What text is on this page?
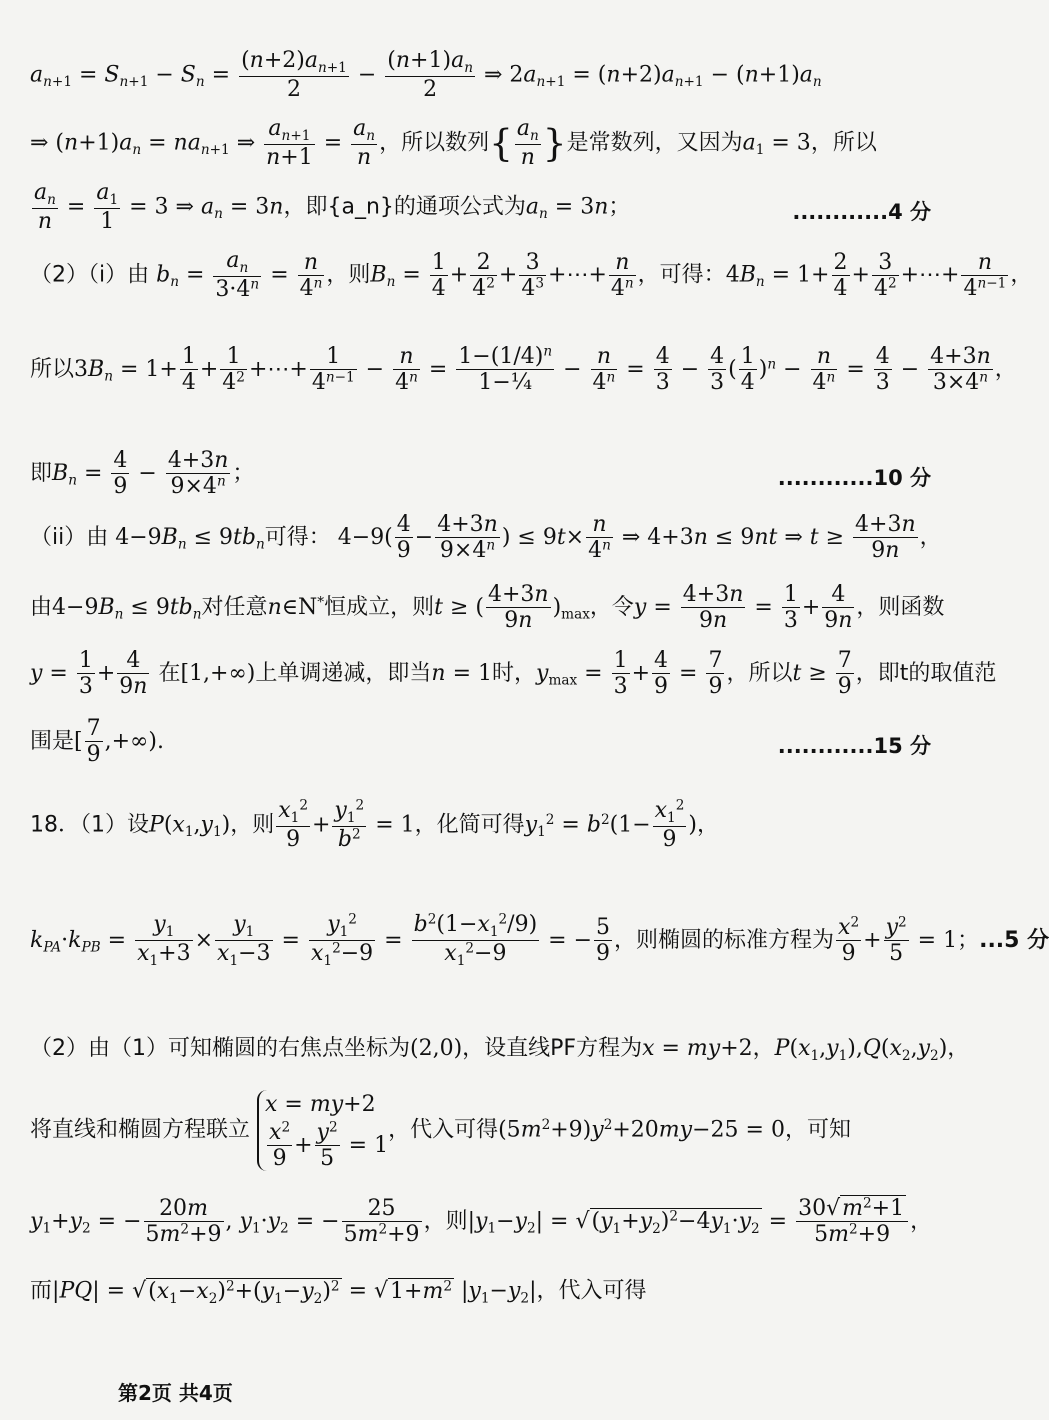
$a_{n+1} = S_{n+1} - S_n = \frac{(n+2)a_{n+1}}{2} - \frac{(n+1)a_n}{2}$ ⇒ $2a_{n+1} = (n+2)a_{n+1} - (n+1)a_n$
⇒ $(n+1)a_n = na_{n+1}$ ⇒ $\frac{a_{n+1}}{n+1} = \frac{a_n}{n}$ ，所以数列{ $\frac{a_n}{n}$ }是常数列，又因为$a_1 = 3$，所以
$\frac{a_n}{n} = \frac{a_1}{1} = 3$ ⇒ $a_n = 3n$，即{a_n}的通项公式为$a_n = 3n$；	............4 分
（2）（i）由 $b_n = \frac{a_n}{3\cdot 4^n} = \frac{n}{4^n}$ ，则$B_n = \frac{1}{4} + \frac{2}{4^2} + \frac{3}{4^3}$ +⋯+ $\frac{n}{4^n}$ ，可得：$4B_n = 1+ \frac{2}{4} + \frac{3}{4^2}$ +⋯+ $\frac{n}{4^{n-1}}$ ，
所以$3B_n = 1+ \frac{1}{4} + \frac{1}{4^2}$ +⋯+ $\frac{1}{4^{n-1}} - \frac{n}{4^n} = \frac{1-(1/4)^n}{\text{1−¼}} - \frac{n}{4^n} = \frac{4}{3} - \frac{4}{3}$ ( $\frac{1}{4} )^n - \frac{n}{4^n} = \frac{4}{3} - \frac{4+3n}{3\times 4^n}$ ，
即$B_n = \frac{4}{9} - \frac{4+3n}{9\times 4^n}$ ；	............10 分
（ii）由 $4-9B_n \le 9tb_n$可得： $4-9( \frac{4}{9} - \frac{4+3n}{9\times 4^n}$ ) ≤ $9t\times \frac{n}{4^n}$ ⇒ 4+3n ≤ 9nt ⇒ $t \ge \frac{4+3n}{9n}$ ，
由$4-9B_n \le 9tb_n$对任意n∈N*恒成立，则t ≥ ( $\frac{4+3n}{9n} )_{max}$，令$y = \frac{4+3n}{9n} = \frac{1}{3} + \frac{4}{9n}$ ，则函数
$y = \frac{1}{3} + \frac{4}{9n}$ 在[1,+∞)上单调递减，即当n = 1时，$y_{max} = \frac{1}{3} + \frac{4}{9} = \frac{7}{9}$ ，所以$t \ge \frac{7}{9}$ ，即t的取值范
围是[ $\frac{7}{9}$ ,+∞).	............15 分
18．（1）设$P(x_1,y_1)$，则 $\frac{x_1^2}{9} + \frac{y_1^2}{b^2} = 1$，化简可得$y_1^2 = b^2(1- \frac{x_1^2}{9}$ )，
$k_{PA}\cdot k_{PB} = \frac{y_1}{x_1+3} \times \frac{y_1}{x_1-3} = \frac{y_1^2}{x_1^2-9} = \frac{b^2(1-x_1^2/9)}{x_1^2-9}$ = − $\frac{5}{9}$ ，则椭圆的标准方程为 $\frac{x^2}{9} + \frac{y^2}{5} = 1$；...5 分
（2）由（1）可知椭圆的右焦点坐标为(2,0)，设直线PF方程为x = my+2，$P(x_1,y_1),Q(x_2,y_2)$，
将直线和椭圆方程联立
x = my+2
$\frac{x^2}{9} + \frac{y^2}{5} = 1$
，代入可得$(5m^2+9)y^2+20my-25 = 0$，可知
$y_1+y_2$ = − $\frac{20m}{5m^2+9}$ , $y_1\cdot y_2$ = − $\frac{25}{5m^2+9}$ ，则$|y_1-y_2| = √(y_1+y_2)^2-4y_1\cdot y_2 = \frac{30√m^2+1}{5m^2+9}$ ，
而$|PQ| = √(x_1-x_2)^2+(y_1-y_2)^2 = √1+m^2$ $|y_1-y_2|$，代入可得
第2页 共4页
